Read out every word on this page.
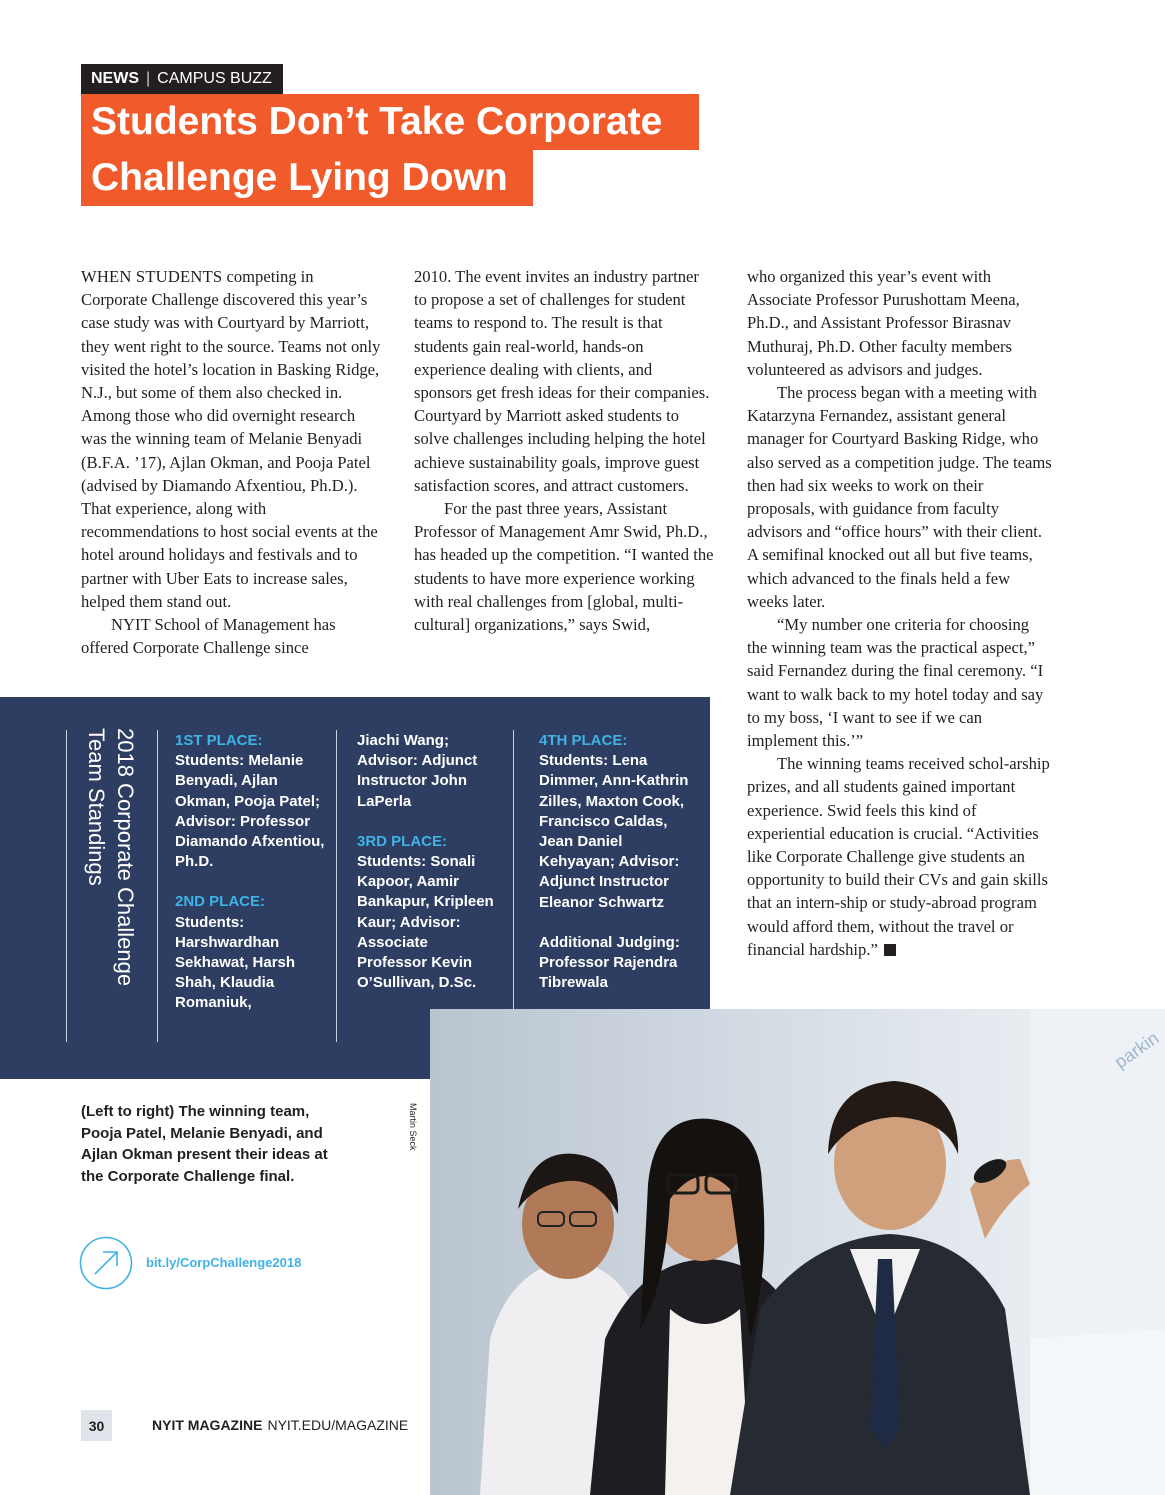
NEWS | CAMPUS BUZZ
Students Don’t Take Corporate
Challenge Lying Down

WHEN STUDENTS competing in Corporate Challenge discovered this year’s case study was with Courtyard by Marriott, they went right to the source. Teams not only visited the hotel’s location in Basking Ridge, N.J., but some of them also checked in. Among those who did overnight research was the winning team of Melanie Benyadi (B.F.A. ’17), Ajlan Okman, and Pooja Patel (advised by Diamando Afxentiou, Ph.D.). That experience, along with recommendations to host social events at the hotel around holidays and festivals and to partner with Uber Eats to increase sales, helped them stand out.

NYIT School of Management has offered Corporate Challenge since

2010. The event invites an industry partner to propose a set of challenges for student teams to respond to. The result is that students gain real-world, hands-on experience dealing with clients, and sponsors get fresh ideas for their companies. Courtyard by Marriott asked students to solve challenges including helping the hotel achieve sustainability goals, improve guest satisfaction scores, and attract customers.

For the past three years, Assistant Professor of Management Amr Swid, Ph.D., has headed up the competition. “I wanted the students to have more experience working with real challenges from [global, multi-cultural] organizations,” says Swid,

who organized this year’s event with Associate Professor Purushottam Meena, Ph.D., and Assistant Professor Birasnav Muthuraj, Ph.D. Other faculty members volunteered as advisors and judges.

The process began with a meeting with Katarzyna Fernandez, assistant general manager for Courtyard Basking Ridge, who also served as a competition judge. The teams then had six weeks to work on their proposals, with guidance from faculty advisors and “office hours” with their client. A semifinal knocked out all but five teams, which advanced to the finals held a few weeks later.

“My number one criteria for choosing the winning team was the practical aspect,” said Fernandez during the final ceremony. “I want to walk back to my hotel today and say to my boss, ‘I want to see if we can implement this.’”

The winning teams received schol-arship prizes, and all students gained important experience. Swid feels this kind of experiential education is crucial. “Activities like Corporate Challenge give students an opportunity to build their CVs and gain skills that an intern-ship or study-abroad program would afford them, without the travel or financial hardship.”

2018 Corporate Challenge
Team Standings	1ST PLACE:
Students: Melanie Benyadi, Ajlan Okman, Pooja Patel; Advisor: Professor Diamando Afxentiou, Ph.D.
2ND PLACE:
Students: Harshwardhan Sekhawat, Harsh Shah, Klaudia Romaniuk,
Jiachi Wang; Advisor: Adjunct Instructor John LaPerla
3RD PLACE:
Students: Sonali Kapoor, Aamir Bankapur, Kripleen Kaur; Advisor: Associate Professor Kevin O’Sullivan, D.Sc.
4TH PLACE:
Students: Lena Dimmer, Ann-Kathrin Zilles, Maxton Cook, Francisco Caldas, Jean Daniel Kehyayan; Advisor: Adjunct Instructor Eleanor Schwartz
Additional Judging: Professor Rajendra Tibrewala
parkin
(Left to right) The winning team, Pooja Patel, Melanie Benyadi, and Ajlan Okman present their ideas at the Corporate Challenge final.
Martin Seck
bit.ly/CorpChallenge2018
30	NYIT MAGAZINE NYIT.EDU/MAGAZINE
